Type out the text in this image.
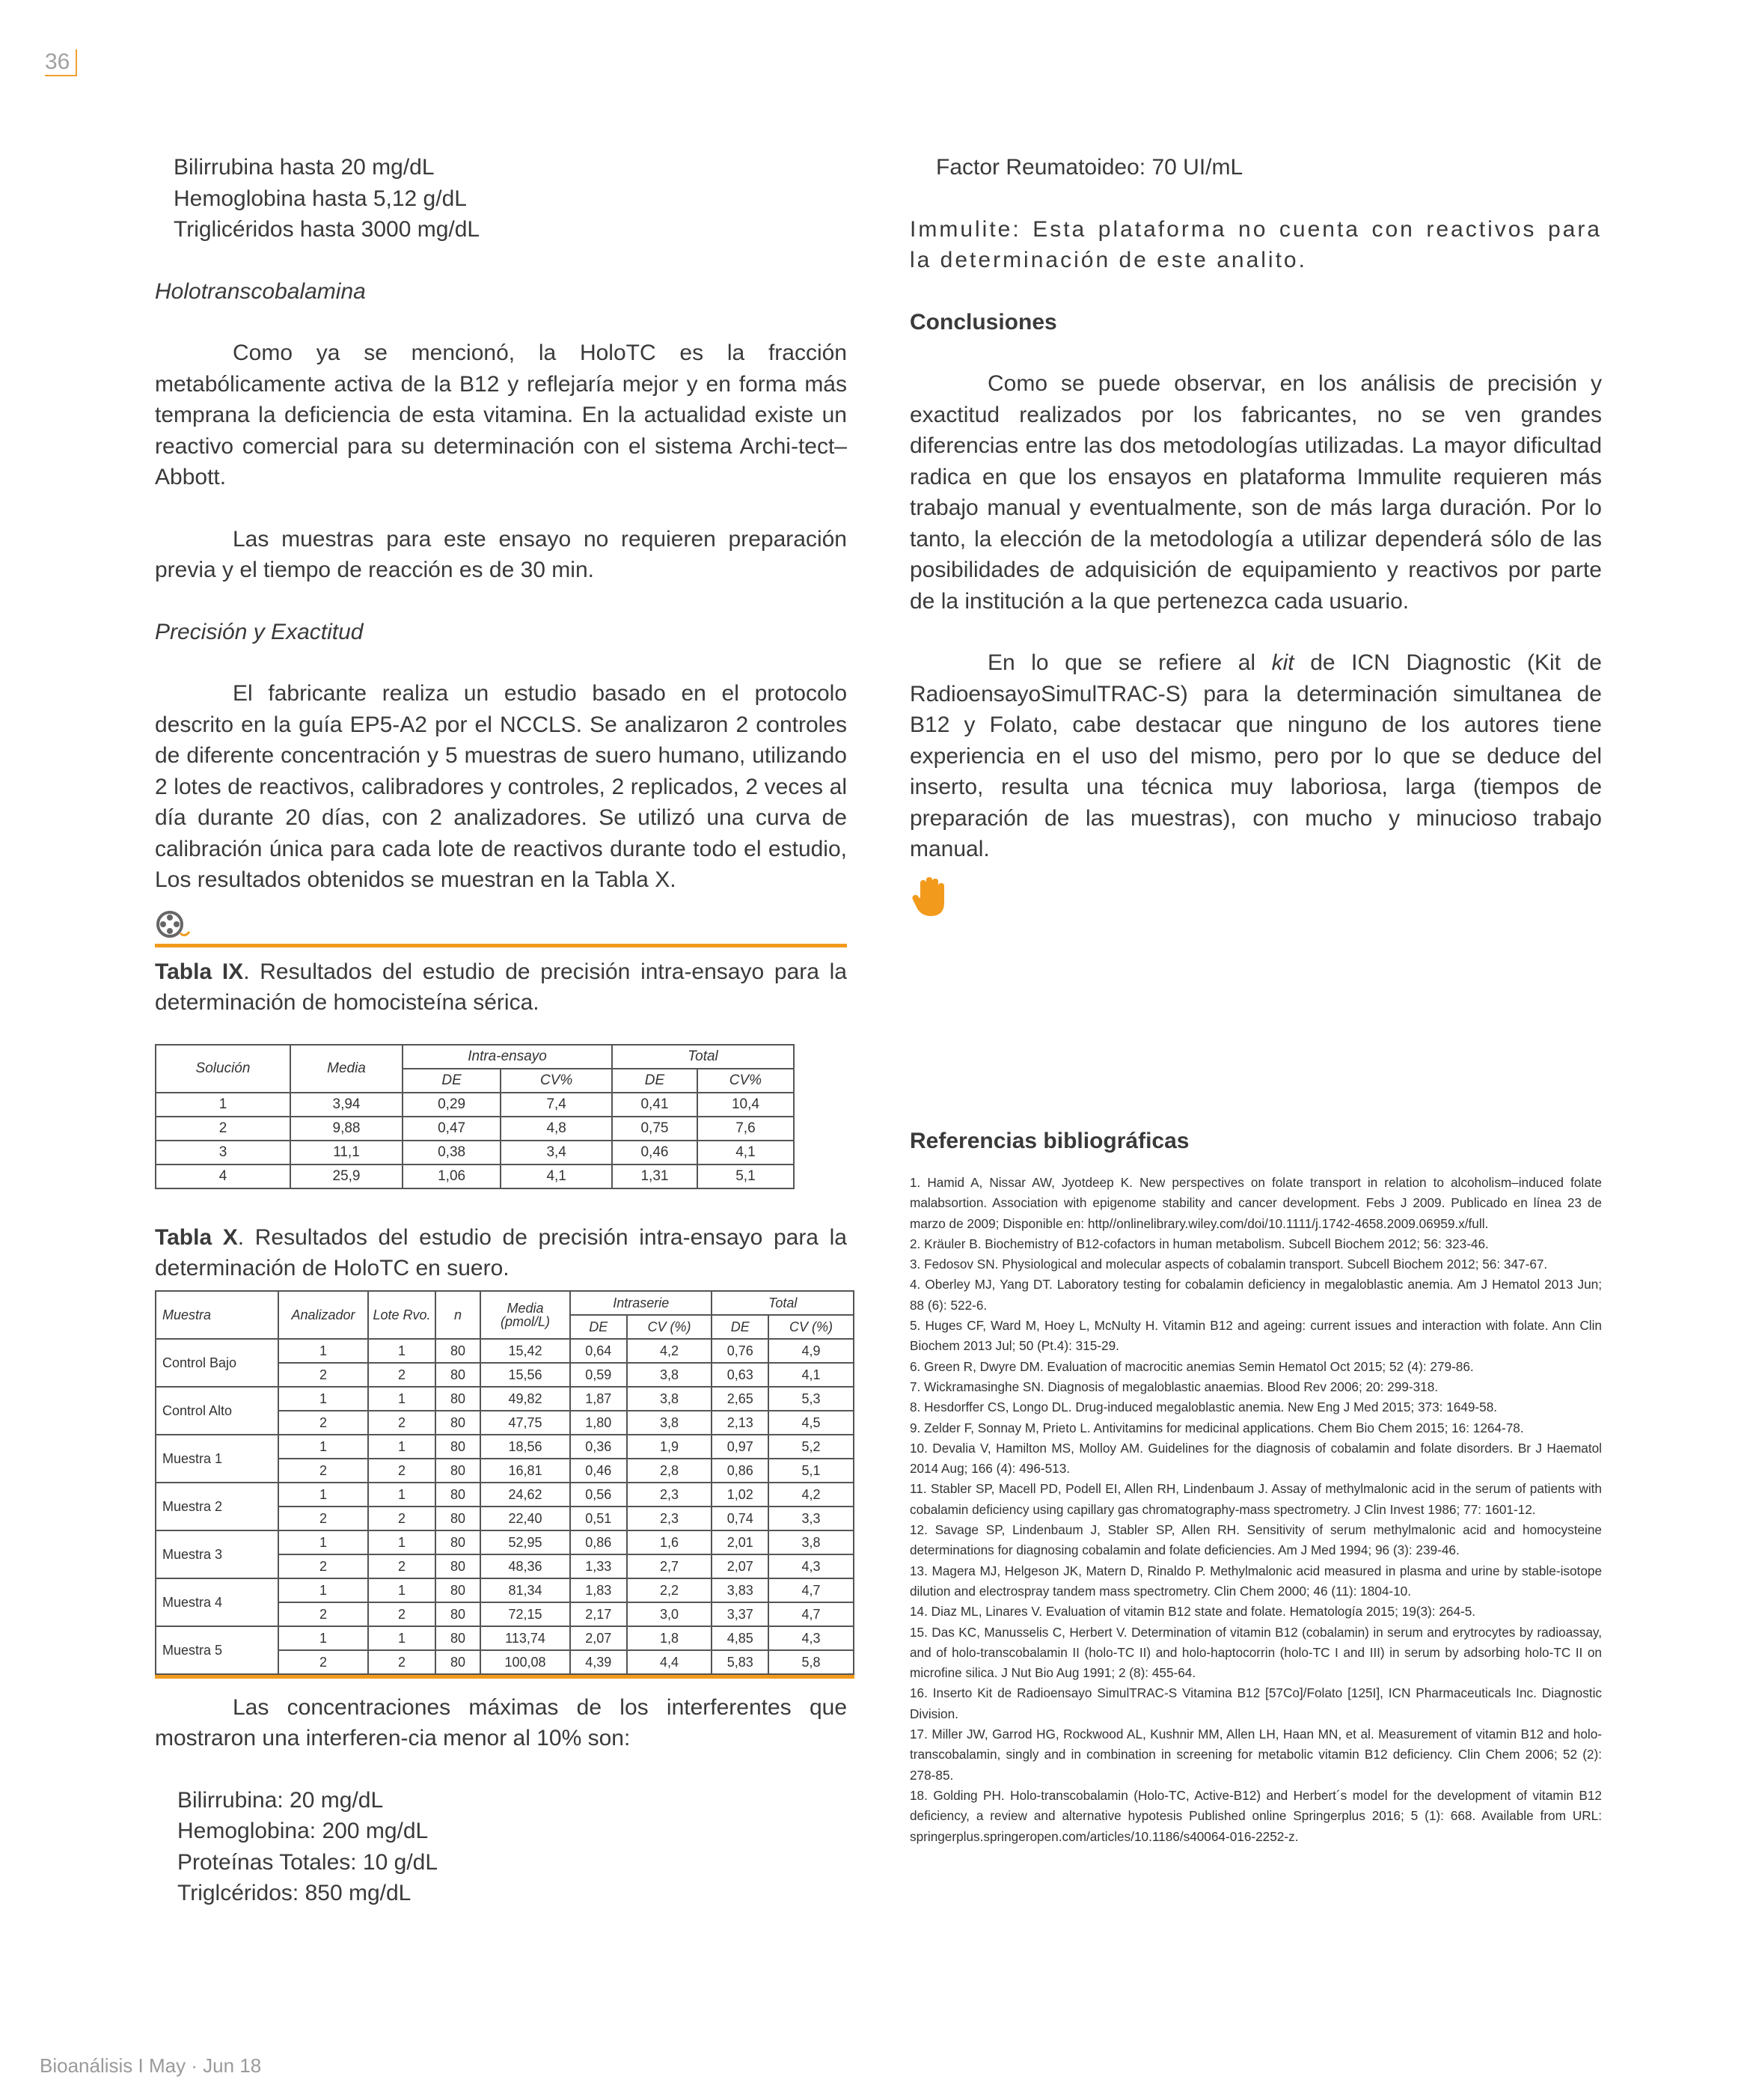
36
Bilirrubina hasta 20 mg/dL
Hemoglobina hasta 5,12 g/dL
Triglicéridos hasta 3000 mg/dL

Holotranscobalamina

Como ya se mencionó, la HoloTC es la fracción metabólicamente activa de la B12 y reflejaría mejor y en forma más temprana la deficiencia de esta vitamina. En la actualidad existe un reactivo comercial para su determinación con el sistema Archi-tect–Abbott.

Las muestras para este ensayo no requieren preparación previa y el tiempo de reacción es de 30 min.

Precisión y Exactitud

El fabricante realiza un estudio basado en el protocolo descrito en la guía EP5-A2 por el NCCLS. Se analizaron 2 controles de diferente concentración y 5 muestras de suero humano, utilizando 2 lotes de reactivos, calibradores y controles, 2 replicados, 2 veces al día durante 20 días, con 2 analizadores. Se utilizó una curva de calibración única para cada lote de reactivos durante todo el estudio, Los resultados obtenidos se muestran en la Tabla X.

Tabla IX. Resultados del estudio de precisión intra-ensayo para la determinación de homocisteína sérica.

Solución	Media	Intra-ensayo		Total	
		DE	CV%	DE	CV%
1	3,94	0,29	7,4	0,41	10,4
2	9,88	0,47	4,8	0,75	7,6
3	11,1	0,38	3,4	0,46	4,1
4	25,9	1,06	4,1	1,31	5,1

Tabla X. Resultados del estudio de precisión intra-ensayo para la determinación de HoloTC en suero.

Muestra	Analizador	Lote Rvo.	n	Media (pmol/L)	Intraserie		Total	
					DE	CV (%)	DE	CV (%)
Control Bajo	1	1	80	15,42	0,64	4,2	0,76	4,9
	2	2	80	15,56	0,59	3,8	0,63	4,1
Control Alto	1	1	80	49,82	1,87	3,8	2,65	5,3
	2	2	80	47,75	1,80	3,8	2,13	4,5
Muestra 1	1	1	80	18,56	0,36	1,9	0,97	5,2
	2	2	80	16,81	0,46	2,8	0,86	5,1
Muestra 2	1	1	80	24,62	0,56	2,3	1,02	4,2
	2	2	80	22,40	0,51	2,3	0,74	3,3
Muestra 3	1	1	80	52,95	0,86	1,6	2,01	3,8
	2	2	80	48,36	1,33	2,7	2,07	4,3
Muestra 4	1	1	80	81,34	1,83	2,2	3,83	4,7
	2	2	80	72,15	2,17	3,0	3,37	4,7
Muestra 5	1	1	80	113,74	2,07	1,8	4,85	4,3
	2	2	80	100,08	4,39	4,4	5,83	5,8

Las concentraciones máximas de los interferentes que mostraron una interferen-cia menor al 10% son:

Bilirrubina: 20 mg/dL
Hemoglobina: 200 mg/dL
Proteínas Totales: 10 g/dL
Triglcéridos: 850 mg/dL
Factor Reumatoideo: 70 UI/mL

Immulite: Esta plataforma no cuenta con reactivos para la determinación de este analito.

Conclusiones

Como se puede observar, en los análisis de precisión y exactitud realizados por los fabricantes, no se ven grandes diferencias entre las dos metodologías utilizadas. La mayor dificultad radica en que los ensayos en plataforma Immulite requieren más trabajo manual y eventualmente, son de más larga duración. Por lo tanto, la elección de la metodología a utilizar dependerá sólo de las posibilidades de adquisición de equipamiento y reactivos por parte de la institución a la que pertenezca cada usuario.

En lo que se refiere al kit de ICN Diagnostic (Kit de RadioensayoSimulTRAC-S) para la determinación simultanea de B12 y Folato, cabe destacar que ninguno de los autores tiene experiencia en el uso del mismo, pero por lo que se deduce del inserto, resulta una técnica muy laboriosa, larga (tiempos de preparación de las muestras), con mucho y minucioso trabajo manual.

Referencias bibliográficas

1. Hamid A, Nissar AW, Jyotdeep K. New perspectives on folate transport in relation to alcoholism–induced folate malabsortion. Association with epigenome stability and cancer development. Febs J 2009. Publicado en línea 23 de marzo de 2009; Disponible en: http//onlinelibrary.wiley.com/doi/10.1111/j.1742-4658.2009.06959.x/full.

2. Kräuler B. Biochemistry of B12-cofactors in human metabolism. Subcell Biochem 2012; 56: 323-46.

3. Fedosov SN. Physiological and molecular aspects of cobalamin transport. Subcell Biochem 2012; 56: 347-67.

4. Oberley MJ, Yang DT. Laboratory testing for cobalamin deficiency in megaloblastic anemia. Am J Hematol 2013 Jun; 88 (6): 522-6.

5. Huges CF, Ward M, Hoey L, McNulty H. Vitamin B12 and ageing: current issues and interaction with folate. Ann Clin Biochem 2013 Jul; 50 (Pt.4): 315-29.

6. Green R, Dwyre DM. Evaluation of macrocitic anemias Semin Hematol Oct 2015; 52 (4): 279-86.

7. Wickramasinghe SN. Diagnosis of megaloblastic anaemias. Blood Rev 2006; 20: 299-318.

8. Hesdorffer CS, Longo DL. Drug-induced megaloblastic anemia. New Eng J Med 2015; 373: 1649-58.

9. Zelder F, Sonnay M, Prieto L. Antivitamins for medicinal applications. Chem Bio Chem 2015; 16: 1264-78.

10. Devalia V, Hamilton MS, Molloy AM. Guidelines for the diagnosis of cobalamin and folate disorders. Br J Haematol 2014 Aug; 166 (4): 496-513.

11. Stabler SP, Macell PD, Podell EI, Allen RH, Lindenbaum J. Assay of methylmalonic acid in the serum of patients with cobalamin deficiency using capillary gas chromatography-mass spectrometry. J Clin Invest 1986; 77: 1601-12.

12. Savage SP, Lindenbaum J, Stabler SP, Allen RH. Sensitivity of serum methylmalonic acid and homocysteine determinations for diagnosing cobalamin and folate deficiencies. Am J Med 1994; 96 (3): 239-46.

13. Magera MJ, Helgeson JK, Matern D, Rinaldo P. Methylmalonic acid measured in plasma and urine by stable-isotope dilution and electrospray tandem mass spectrometry. Clin Chem 2000; 46 (11): 1804-10.

14. Diaz ML, Linares V. Evaluation of vitamin B12 state and folate. Hematología 2015; 19(3): 264-5.

15. Das KC, Manusselis C, Herbert V. Determination of vitamin B12 (cobalamin) in serum and erytrocytes by radioassay, and of holo-transcobalamin II (holo-TC II) and holo-haptocorrin (holo-TC I and III) in serum by adsorbing holo-TC II on microfine silica. J Nut Bio Aug 1991; 2 (8): 455-64.

16. Inserto Kit de Radioensayo SimulTRAC-S Vitamina B12 [57Co]/Folato [125I], ICN Pharmaceuticals Inc. Diagnostic Division.

17. Miller JW, Garrod HG, Rockwood AL, Kushnir MM, Allen LH, Haan MN, et al. Measurement of vitamin B12 and holo-transcobalamin, singly and in combination in screening for metabolic vitamin B12 deficiency. Clin Chem 2006; 52 (2): 278-85.

18. Golding PH. Holo-transcobalamin (Holo-TC, Active-B12) and Herbert´s model for the development of vitamin B12 deficiency, a review and alternative hypotesis Published online Springerplus 2016; 5 (1): 668. Available from URL: springerplus.springeropen.com/articles/10.1186/s40064-016-2252-z.

Bioanálisis I May · Jun 18
